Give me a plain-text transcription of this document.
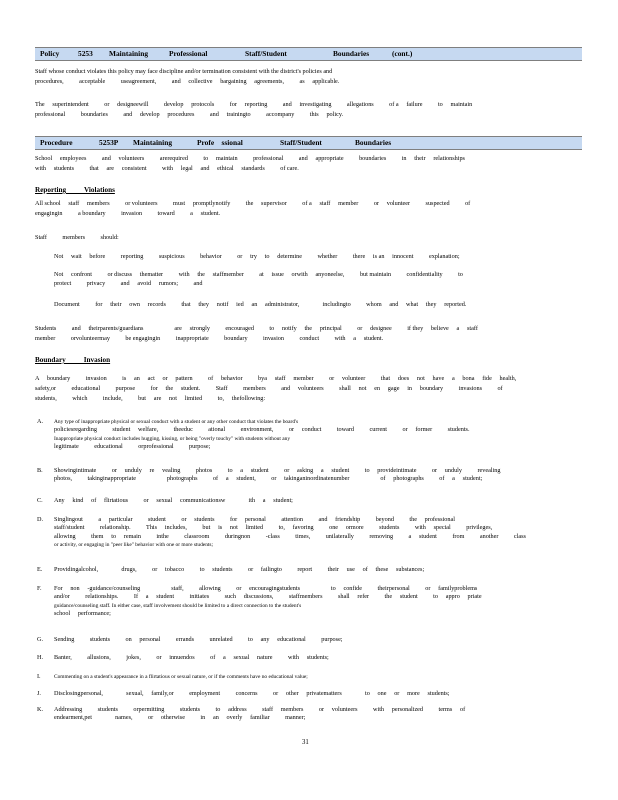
Policy	5253 Maintaining	Professional	Staff/Student	Boundaries	(cont.)
Staff whose conduct violates this policy may face discipline and/or termination consistent with the district's policies and
procedures,          acceptable          useagreement,          and     collective     bargaining     agreements,          as     applicable.
The     superintendent          or     designeewill          develop     protocols          for     reporting          and     investigating          allegations          of a     failure          to     maintain
professional          boundaries          and     develop     procedures          and     trainingto          accompany          this     policy.
Procedure	5253P Maintaining	Profe    ssional	Staff/Student	Boundaries
School     employees          and     volunteers          arerequired          to     maintain          professional          and     appropriate          boundaries          in     their     relationships
with     students          that     are     consistent          with     legal     and     ethical     standards          of care.
Reporting          Violations
All school     staff     members          or volunteers          must     promptlynotify          the     supervisor          of a     staff     member          or     volunteer          suspected          of
engagingin          a boundary          invasion          toward          a     student.
Staff          members          should:
Not     wait     before          reporting          suspicious          behavior          or     try     to     determine          whether          there     is an     innocent          explanation;
Not     confront          or discuss     thematter          with     the     staffmember          at     issue     orwith     anyoneelse,          but maintain          confidentiality          to
protect          privacy          and     avoid     rumors;          and
Document          for     their     own     records          that     they     notif     ied     an     administrator,               includingto          whom     and     what     they     reported.
Students          and     theirparents/guardians                    are     strongly          encouraged          to     notify     the     principal          or     designee          if they     believe     a     staff
member          orvolunteermay          be engagingin          inappropriate          boundary          invasion          conduct          with     a     student.
Boundary          Invasion
A     boundary          invasion          is     an     act     or     pattern          of     behavior          bya     staff     member          or     volunteer          that     does     not     have     a     bona     fide     health,
safety,or          educational          purpose          for     the     student.          Staff          members          and     volunteers          shall     not     en     gage     in     boundary          invasions          of
students,          which          include,          but     are     not     limited          to,     thefollowing:
A. Any type of inappropriate physical or sexual conduct with a student or any other conduct that violates the board's
policiesregarding          student     welfare,          theeduc          ational          environment,          or     conduct          toward          current          or     former          students.
Inappropriate physical conduct includes hugging, kissing, or being "overly touchy" with students without any
legitimate          educational          orprofessional          purpose;
B. Showingintimate          or     unduly     re     vealing          photos          to     a     student          or     asking     a     student          to     provideintimate          or     unduly          revealing
photos,          takinginappropriate                    photographs          of     a     student,          or     takinganinordinatenumber                    of     photographs          of     a     student;
C. Any     kind     of     flirtatious          or     sexual     communicationsw               ith     a     student;
D. Singlingout          a     particular          student          or     students          for     personal          attention          and     friendship          beyond          the     professional
staff/student          relationship.          This     includes,          but     is     not     limited          to,     favoring          one     ormore          students          with     special          privileges,
allowing          them     to     remain          inthe          classroom          duringnon          -class          times,          unilaterally          removing          a     student          from          another          class
or activity, or engaging in "peer like" behavior with one or more students;
E. Providingalcohol,               drugs,          or     tobacco          to     students          or     failingto          report          their     use     of     these     substances;
F. For     non     -guidance/counseling                    staff,          allowing          or     encouragingstudents                    to     confide          theirpersonal          or     familyproblems
and/or          relationships.          If     a     student          initiates          such     discussions,          staffmembers          shall     refer          the     student          to     appro     priate
guidance/counseling staff. In either case, staff involvement should be limited to a direct connection to the student's
school     performance;
G. Sending          students          on     personal          errands          unrelated          to     any     educational          purpose;
H. Banter,          allusions,          jokes,          or     innuendos          of     a     sexual     nature          with     students;
I. Commenting on a student's appearance in a flirtatious or sexual nature, or if the comments have no educational value;
J. Disclosingpersonal,               sexual,     family,or          employment          concerns          or     other     privatematters               to     one     or     more     students;
K. Addressing          students          orpermitting          students          to     address          staff     members          or     volunteers          with     personalized          terms     of
endearment,pet               names,          or     otherwise          in     an     overly     familiar          manner;
31
